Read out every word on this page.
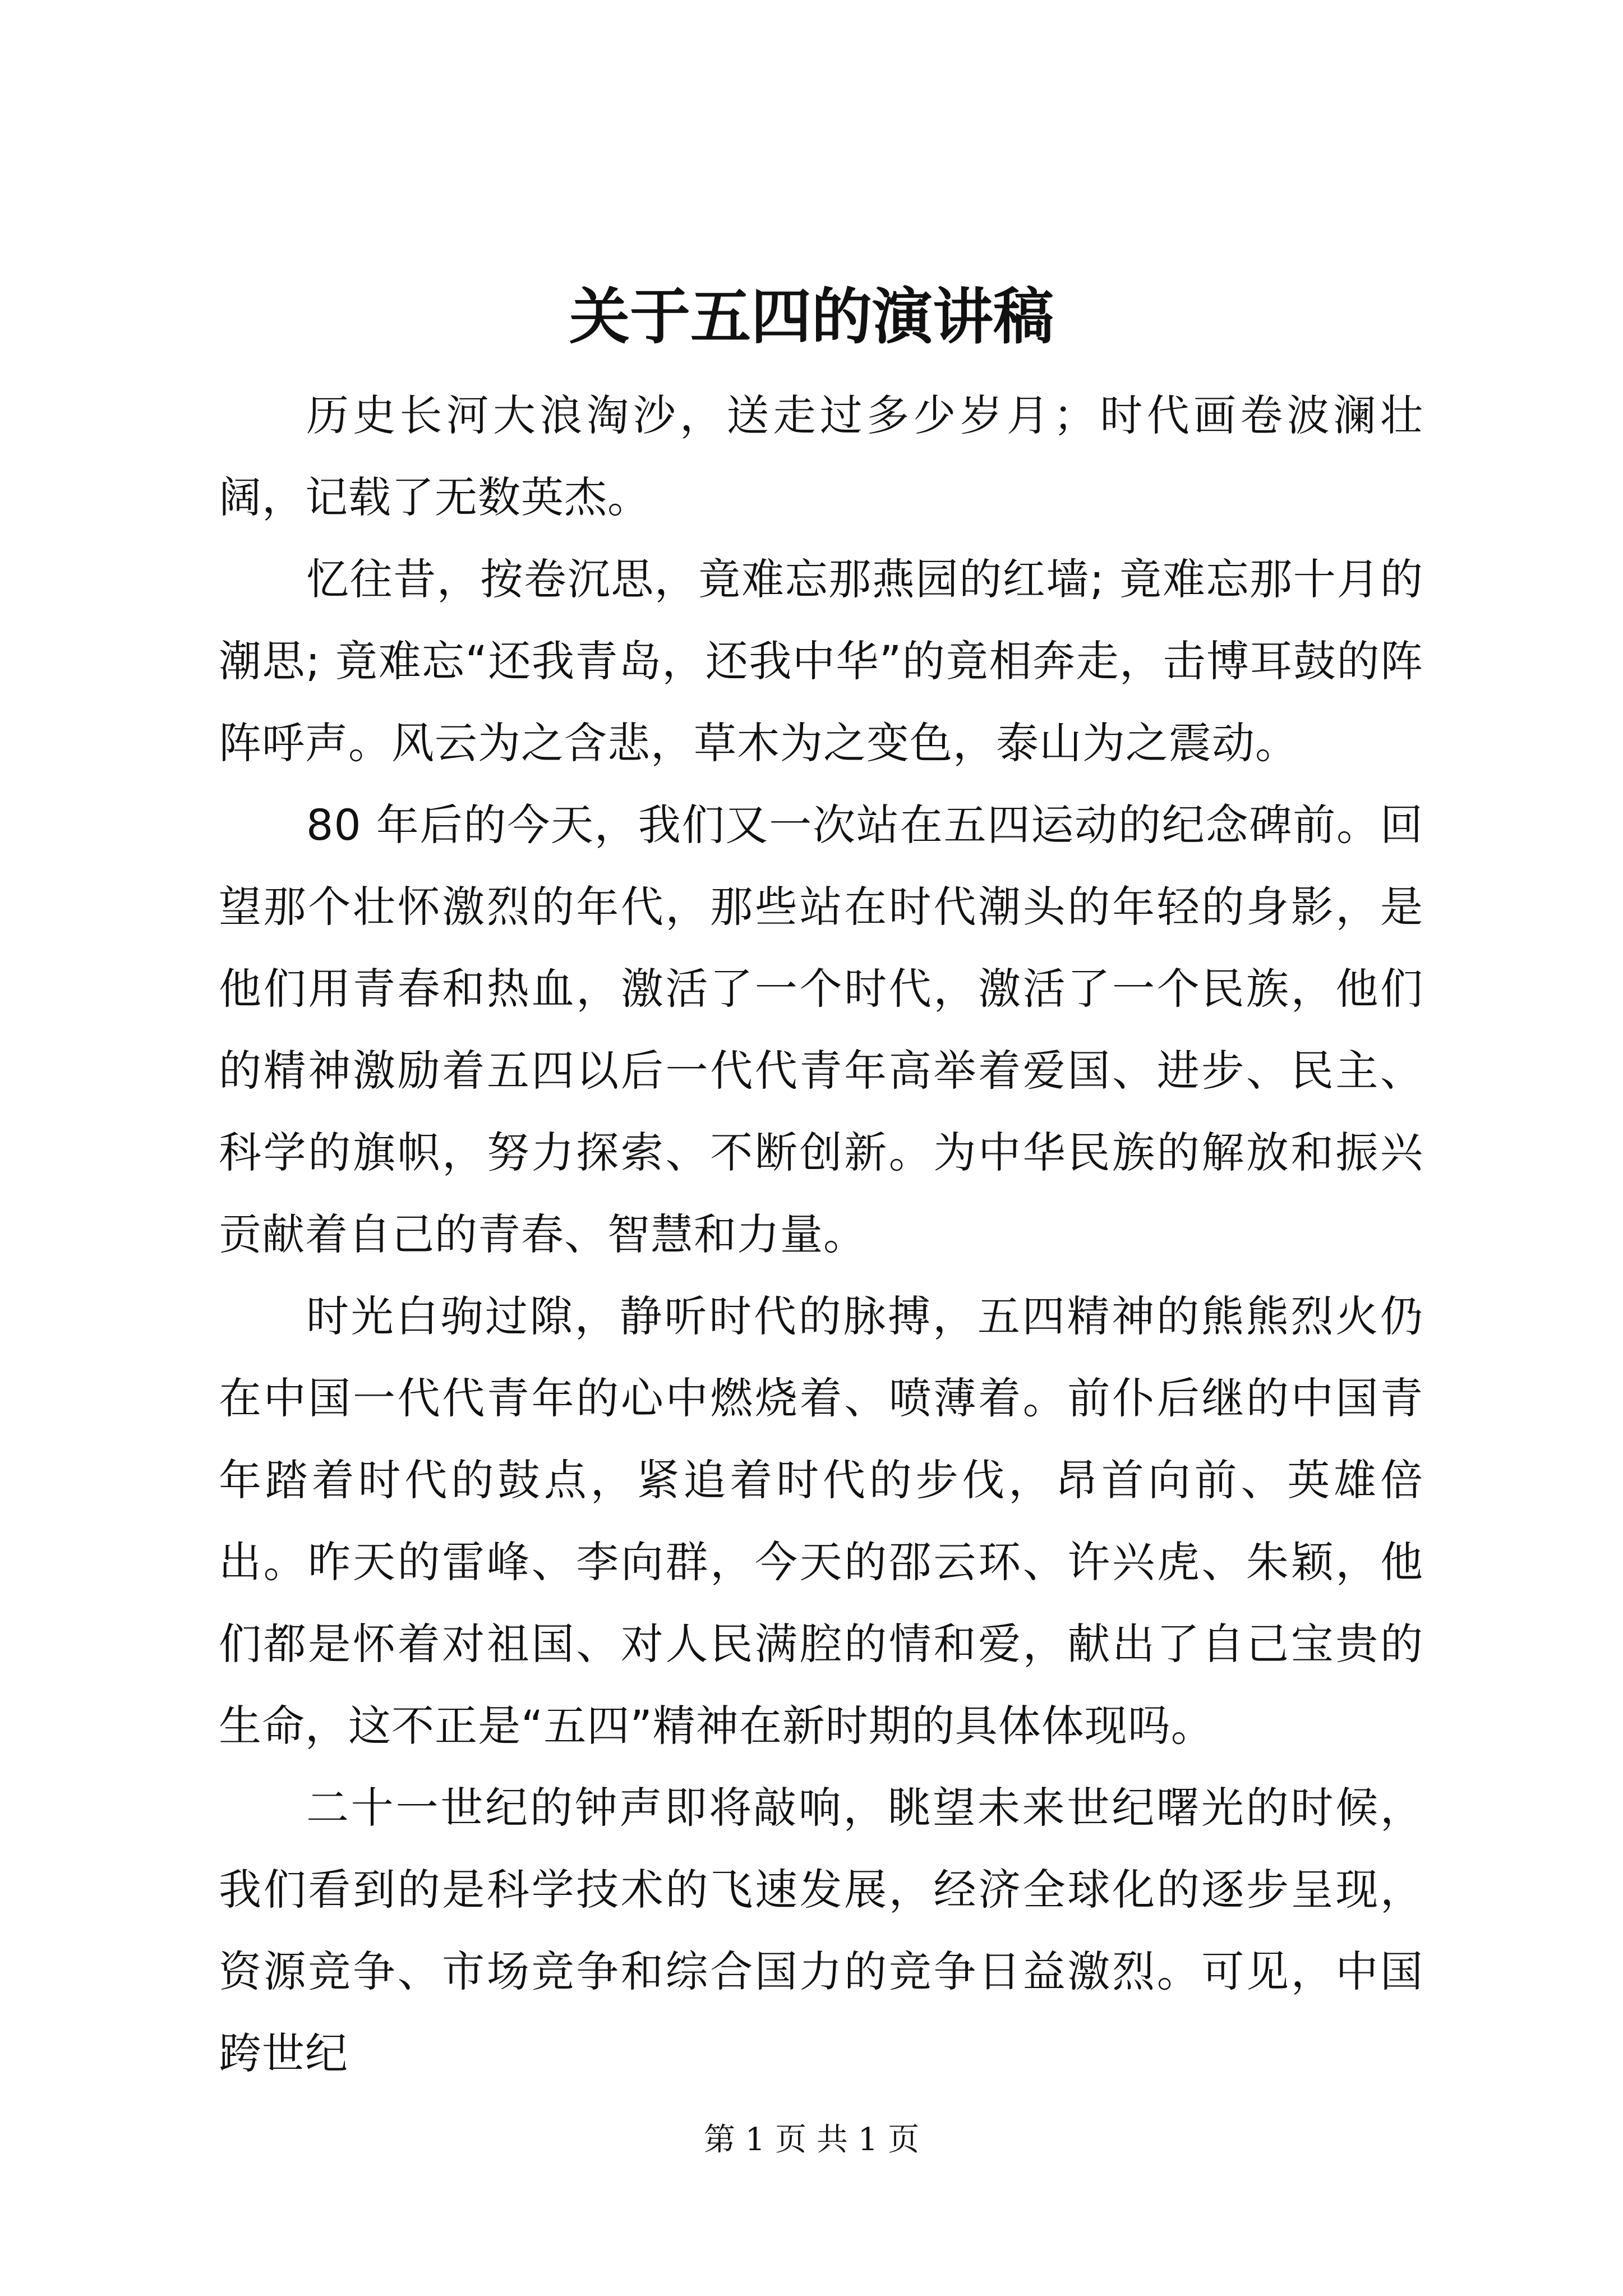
关于五四的演讲稿

历史长河大浪淘沙，送走过多少岁月；时代画卷波澜壮阔，记载了无数英杰。

忆往昔，按卷沉思，竟难忘那燕园的红墙; 竟难忘那十月的潮思; 竟难忘“还我青岛，还我中华”的竟相奔走，击博耳鼓的阵阵呼声。风云为之含悲，草木为之变色，泰山为之震动。

80 年后的今天，我们又一次站在五四运动的纪念碑前。回望那个壮怀激烈的年代，那些站在时代潮头的年轻的身影，是他们用青春和热血，激活了一个时代，激活了一个民族，他们的精神激励着五四以后一代代青年高举着爱国、进步、民主、科学的旗帜，努力探索、不断创新。为中华民族的解放和振兴贡献着自己的青春、智慧和力量。

时光白驹过隙，静听时代的脉搏，五四精神的熊熊烈火仍在中国一代代青年的心中燃烧着、喷薄着。前仆后继的中国青年踏着时代的鼓点，紧追着时代的步伐，昂首向前、英雄倍出。昨天的雷峰、李向群，今天的邵云环、许兴虎、朱颖，他们都是怀着对祖国、对人民满腔的情和爱，献出了自己宝贵的生命，这不正是“五四”精神在新时期的具体体现吗。

二十一世纪的钟声即将敲响，眺望未来世纪曙光的时候，我们看到的是科学技术的飞速发展，经济全球化的逐步呈现，资源竞争、市场竞争和综合国力的竞争日益激烈。可见，中国跨世纪

第 1 页 共 1 页
